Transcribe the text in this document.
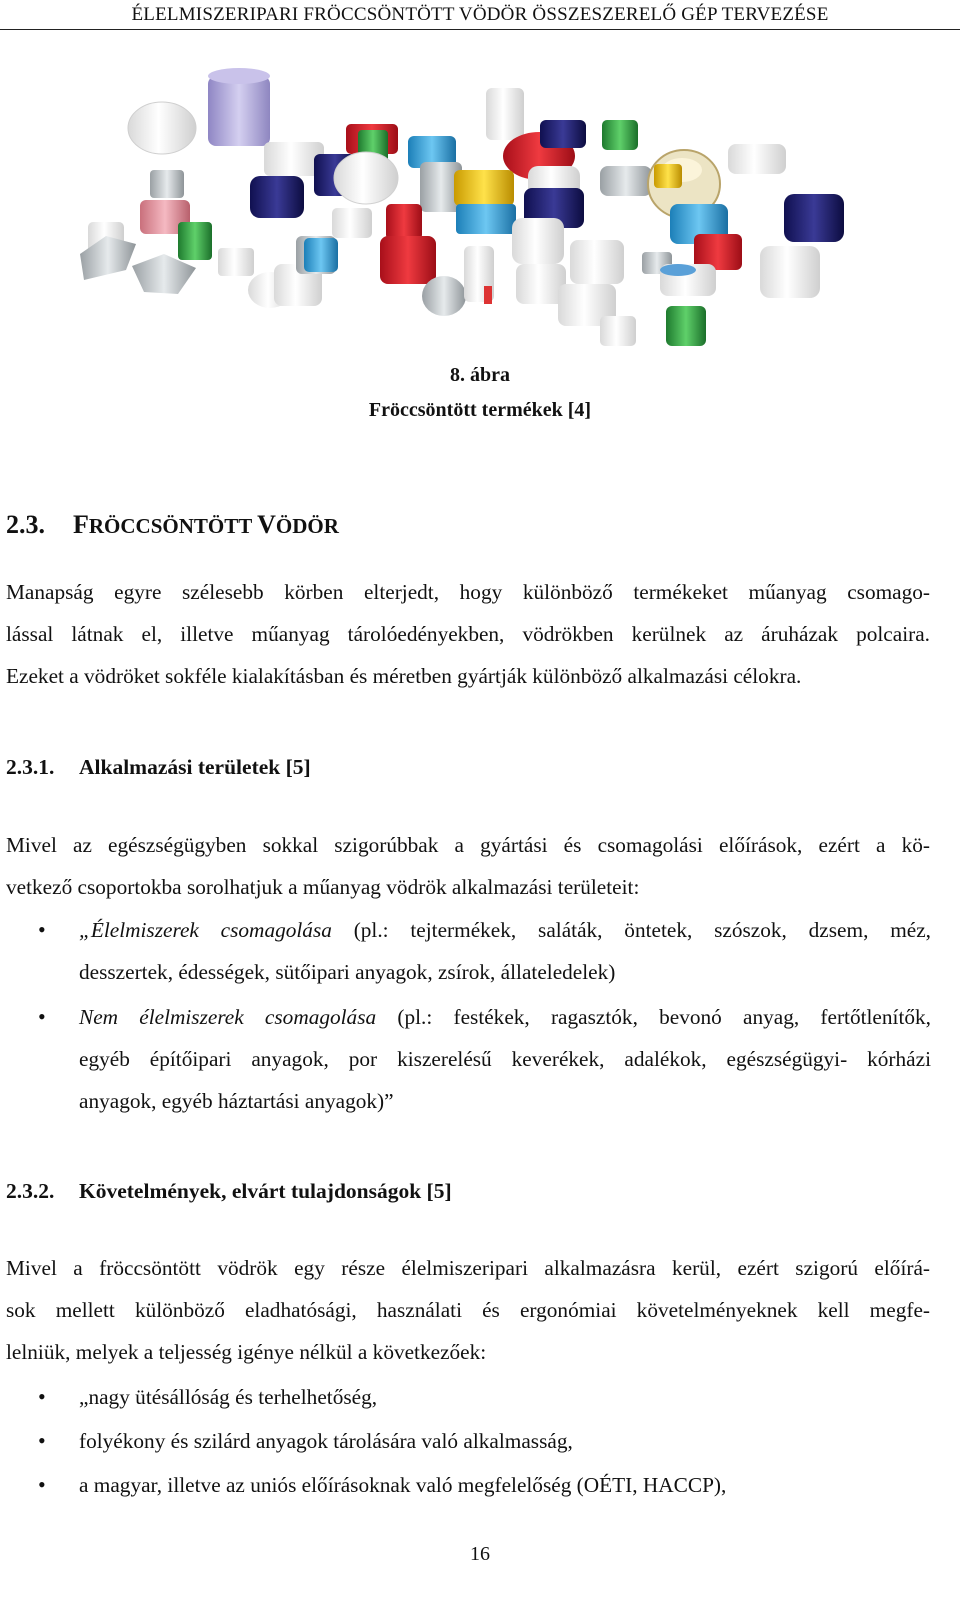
ÉLELMISZERIPARI FRÖCCSÖNTÖTT VÖDÖR ÖSSZESZERELŐ GÉP TERVEZÉSE
8. ábra
Fröccsöntött termékek [4]
2.3. FRÖCCSÖNTÖTT VÖDÖR
Manapság egyre szélesebb körben elterjedt, hogy különböző termékeket műanyag csomago-
lással látnak el, illetve műanyag tárolóedényekben, vödrökben kerülnek az áruházak polcaira.
Ezeket a vödröket sokféle kialakításban és méretben gyártják különböző alkalmazási célokra.
2.3.1. Alkalmazási területek [5]
Mivel az egészségügyben sokkal szigorúbbak a gyártási és csomagolási előírások, ezért a kö-
vetkező csoportokba sorolhatjuk a műanyag vödrök alkalmazási területeit:
• „Élelmiszerek csomagolása (pl.: tejtermékek, saláták, öntetek, szószok, dzsem, méz,
desszertek, édességek, sütőipari anyagok, zsírok, állateledelek)
• Nem élelmiszerek csomagolása (pl.: festékek, ragasztók, bevonó anyag, fertőtlenítők,
egyéb építőipari anyagok, por kiszerelésű keverékek, adalékok, egészségügyi- kórházi
anyagok, egyéb háztartási anyagok)”
2.3.2. Követelmények, elvárt tulajdonságok [5]
Mivel a fröccsöntött vödrök egy része élelmiszeripari alkalmazásra kerül, ezért szigorú előírá-
sok mellett különböző eladhatósági, használati és ergonómiai követelményeknek kell megfe-
lelniük, melyek a teljesség igénye nélkül a következőek:
• „nagy ütésállóság és terhelhetőség,
• folyékony és szilárd anyagok tárolására való alkalmasság,
• a magyar, illetve az uniós előírásoknak való megfelelőség (OÉTI, HACCP),
16
